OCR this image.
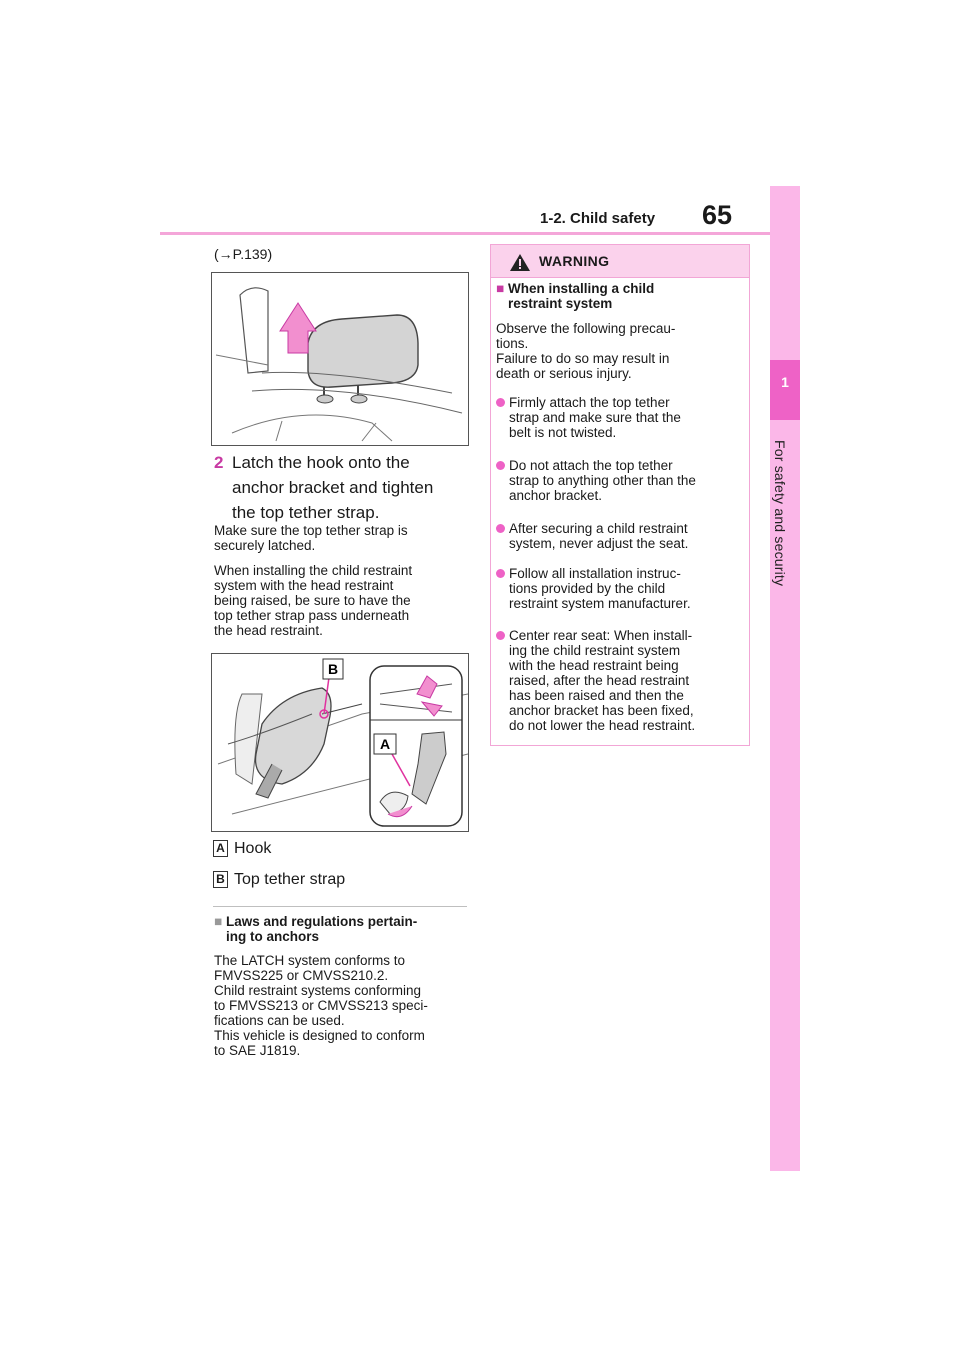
1-2. Child safety 65
1
For safety and security
(→P.139)
2 Latch the hook onto the
anchor bracket and tighten
the top tether strap.
Make sure the top tether strap is
securely latched.
When installing the child restraint
system with the head restraint
being raised, be sure to have the
top tether strap pass underneath
the head restraint.
B
A
A Hook
B Top tether strap
■ Laws and regulations pertain-
ing to anchors
The LATCH system conforms to
FMVSS225 or CMVSS210.2.
Child restraint systems conforming
to FMVSS213 or CMVSS213 speci-
fications can be used.
This vehicle is designed to conform
to SAE J1819.
WARNING
■ When installing a child
restraint system
Observe the following precau-
tions.
Failure to do so may result in
death or serious injury.
Firmly attach the top tether
strap and make sure that the
belt is not twisted.
Do not attach the top tether
strap to anything other than the
anchor bracket.
After securing a child restraint
system, never adjust the seat.
Follow all installation instruc-
tions provided by the child
restraint system manufacturer.
Center rear seat: When install-
ing the child restraint system
with the head restraint being
raised, after the head restraint
has been raised and then the
anchor bracket has been fixed,
do not lower the head restraint.
